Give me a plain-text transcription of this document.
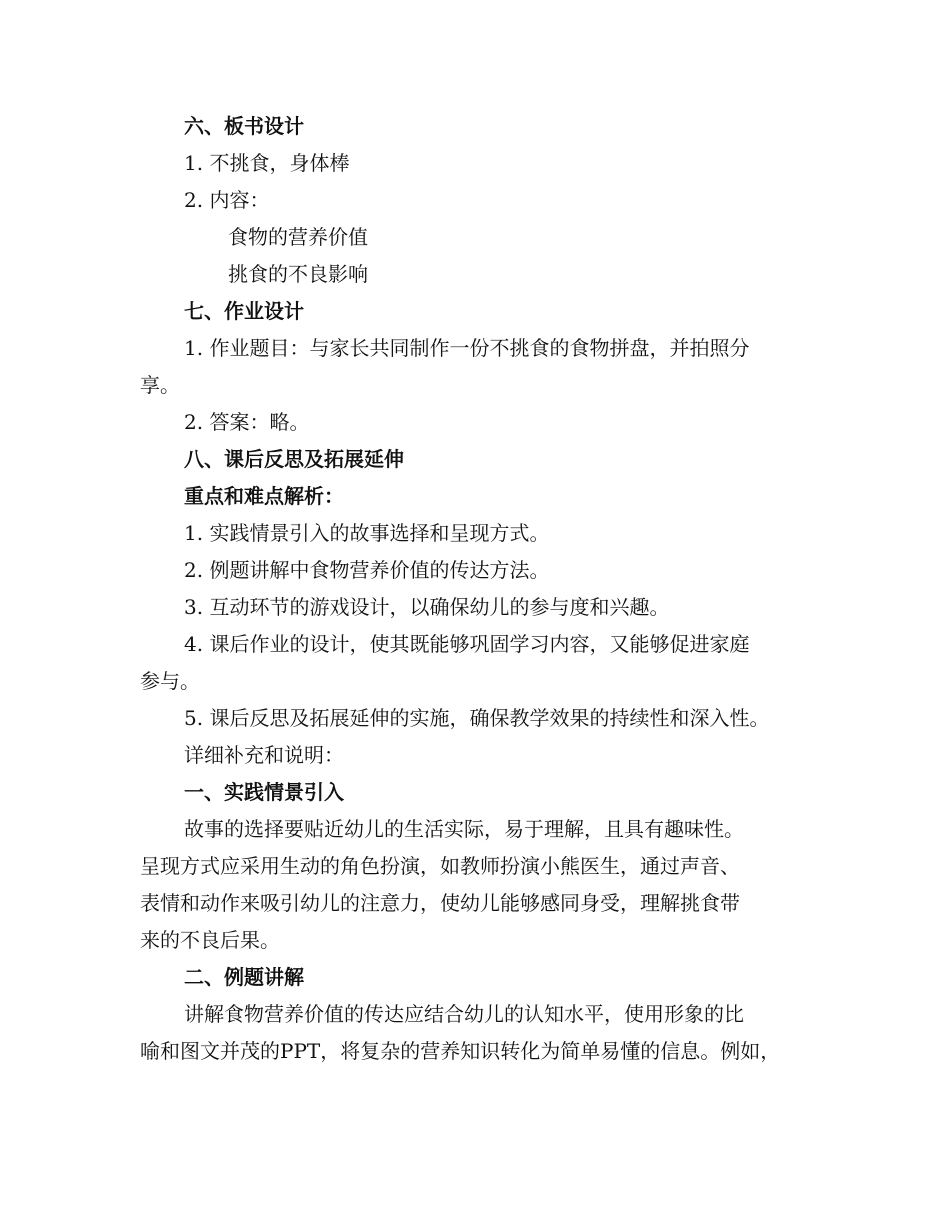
六、板书设计
1. 不挑食，身体棒
2. 内容：
食物的营养价值
挑食的不良影响
七、作业设计
1. 作业题目：与家长共同制作一份不挑食的食物拼盘，并拍照分
享。
2. 答案：略。
八、课后反思及拓展延伸
重点和难点解析：
1. 实践情景引入的故事选择和呈现方式。
2. 例题讲解中食物营养价值的传达方法。
3. 互动环节的游戏设计，以确保幼儿的参与度和兴趣。
4. 课后作业的设计，使其既能够巩固学习内容，又能够促进家庭
参与。
5. 课后反思及拓展延伸的实施，确保教学效果的持续性和深入性。
详细补充和说明：
一、实践情景引入
故事的选择要贴近幼儿的生活实际，易于理解，且具有趣味性。
呈现方式应采用生动的角色扮演，如教师扮演小熊医生，通过声音、
表情和动作来吸引幼儿的注意力，使幼儿能够感同身受，理解挑食带
来的不良后果。
二、例题讲解
讲解食物营养价值的传达应结合幼儿的认知水平，使用形象的比
喻和图文并茂的PPT，将复杂的营养知识转化为简单易懂的信息。例如，
